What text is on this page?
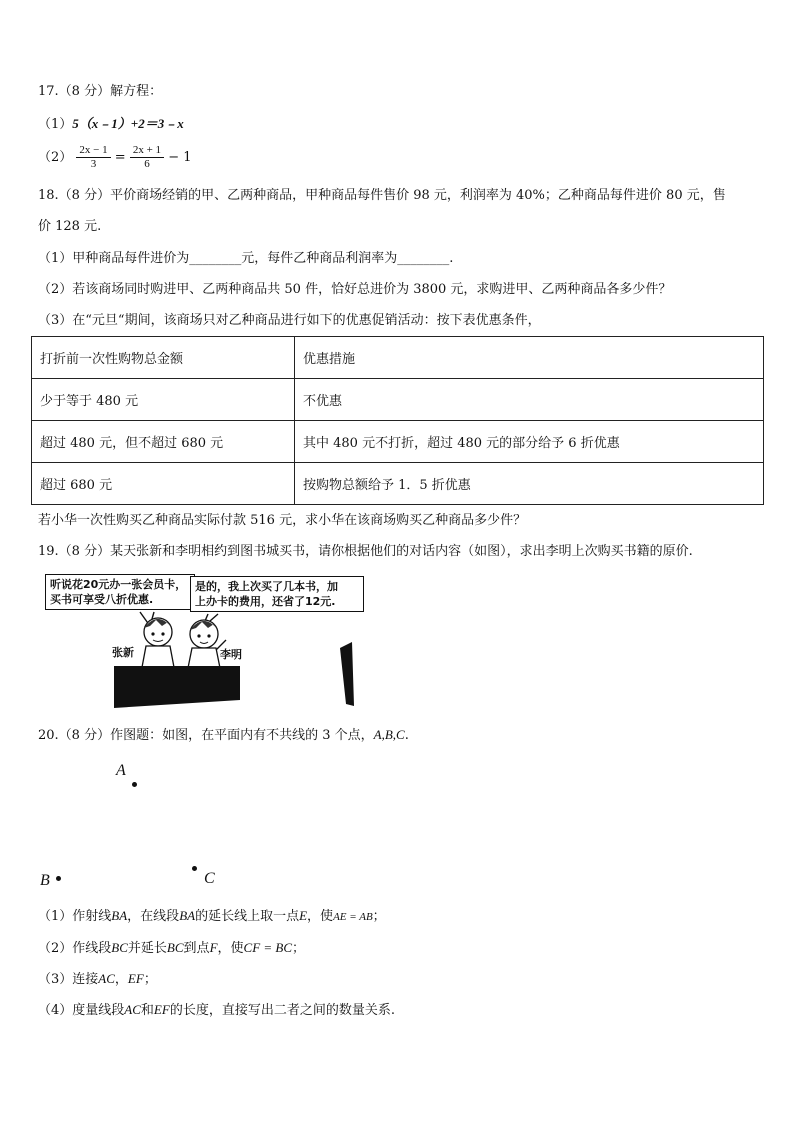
17.（8 分）解方程：
（1）5（x﹣1）+2＝3﹣x
$(2) \frac{2x - 1}{3} = \frac{2x + 1}{6} - 1$
18.（8 分）平价商场经销的甲、乙两种商品，甲种商品每件售价 98 元，利润率为 40%；乙种商品每件进价 80 元，售
价 128 元.
（1）甲种商品每件进价为________元，每件乙种商品利润率为________.
（2）若该商场同时购进甲、乙两种商品共 50 件，恰好总进价为 3800 元，求购进甲、乙两种商品各多少件？
（3）在“元旦“期间，该商场只对乙种商品进行如下的优惠促销活动：按下表优惠条件，
打折前一次性购物总金额	优惠措施
少于等于 480 元	不优惠
超过 480 元，但不超过 680 元	其中 480 元不打折，超过 480 元的部分给予 6 折优惠
超过 680 元	按购物总额给予 1．5 折优惠
若小华一次性购买乙种商品实际付款 516 元，求小华在该商场购买乙种商品多少件？
19.（8 分）某天张新和李明相约到图书城买书，请你根据他们的对话内容（如图），求出李明上次购买书籍的原价.
听说花20元办一张会员卡，
买书可享受八折优惠.
是的，我上次买了几本书，加
上办卡的费用，还省了12元.
张新	李明
20.（8 分）作图题：如图，在平面内有不共线的 3 个点，A,B,C.
A
B	C
（1）作射线BA，在线段BA的延长线上取一点E，使AE = AB；
（2）作线段BC并延长BC到点F，使CF = BC；
（3）连接AC，EF；
（4）度量线段AC和EF的长度，直接写出二者之间的数量关系.
